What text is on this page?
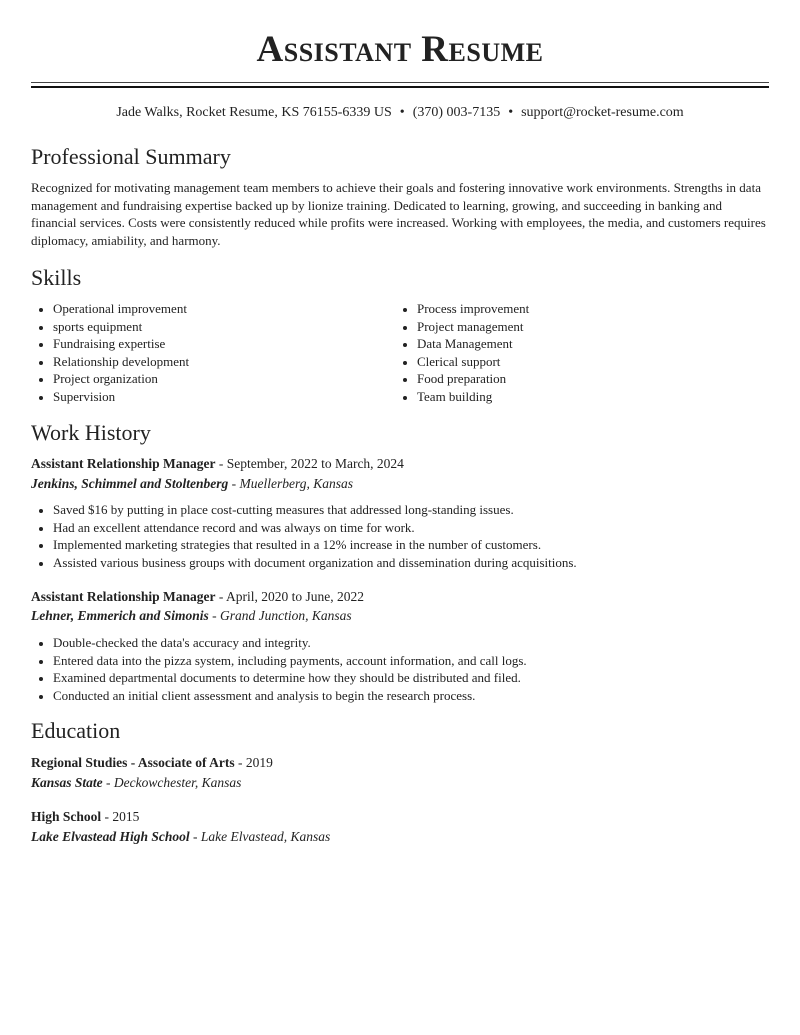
Assistant Resume
Jade Walks, Rocket Resume, KS 76155-6339 US • (370) 003-7135 • support@rocket-resume.com
Professional Summary

Recognized for motivating management team members to achieve their goals and fostering innovative work environments. Strengths in data management and fundraising expertise backed up by lionize training. Dedicated to learning, growing, and succeeding in banking and financial services. Costs were consistently reduced while profits were increased. Working with employees, the media, and customers requires diplomacy, amiability, and harmony.

Skills
Operational improvement
sports equipment
Fundraising expertise
Relationship development
Project organization
Supervision
Process improvement
Project management
Data Management
Clerical support
Food preparation
Team building
Work History
Assistant Relationship Manager - September, 2022 to March, 2024
Jenkins, Schimmel and Stoltenberg - Muellerberg, Kansas
Saved $16 by putting in place cost-cutting measures that addressed long-standing issues.
Had an excellent attendance record and was always on time for work.
Implemented marketing strategies that resulted in a 12% increase in the number of customers.
Assisted various business groups with document organization and dissemination during acquisitions.
Assistant Relationship Manager - April, 2020 to June, 2022
Lehner, Emmerich and Simonis - Grand Junction, Kansas
Double-checked the data's accuracy and integrity.
Entered data into the pizza system, including payments, account information, and call logs.
Examined departmental documents to determine how they should be distributed and filed.
Conducted an initial client assessment and analysis to begin the research process.
Education
Regional Studies - Associate of Arts - 2019
Kansas State - Deckowchester, Kansas
High School - 2015
Lake Elvastead High School - Lake Elvastead, Kansas
